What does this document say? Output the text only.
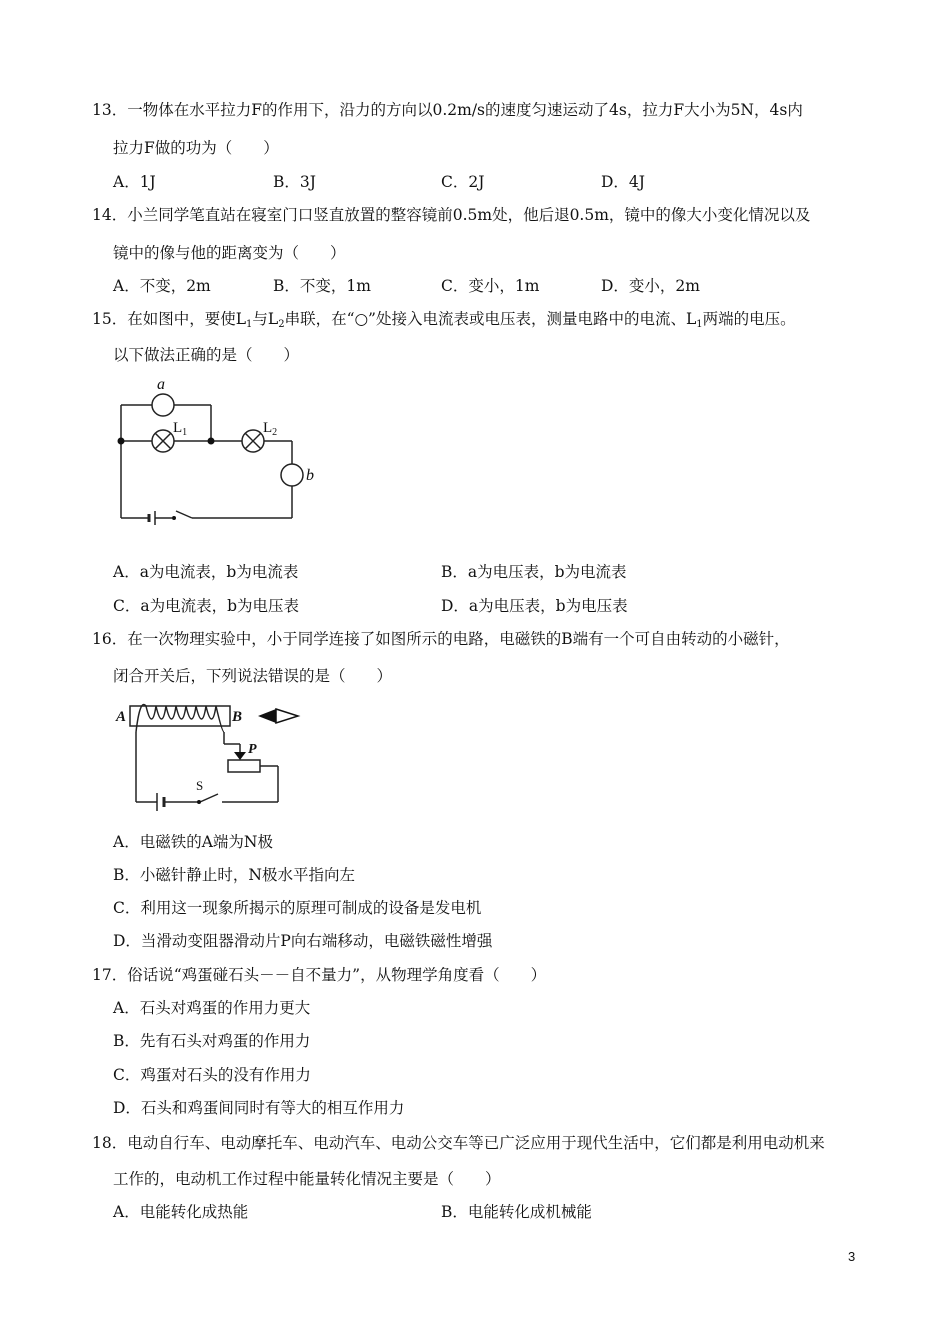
13．一物体在水平拉力F的作用下，沿力的方向以0.2m/s的速度匀速运动了4s，拉力F大小为5N，4s内
拉力F做的功为（　　）
A．1J	B．3J	C．2J	D．4J
14．小兰同学笔直站在寝室门口竖直放置的整容镜前0.5m处，他后退0.5m，镜中的像大小变化情况以及
镜中的像与他的距离变为（　　）
A．不变，2m	B．不变，1m	C．变小，1m	D．变小，2m
15．在如图中，要使L1与L2串联，在“○”处接入电流表或电压表，测量电路中的电流、L1两端的电压。
以下做法正确的是（　　）
a
$L_1$	$L_2$
b
A．a为电流表，b为电流表	B．a为电压表，b为电流表
C．a为电流表，b为电压表	D．a为电压表，b为电压表
16．在一次物理实验中，小于同学连接了如图所示的电路，电磁铁的B端有一个可自由转动的小磁针，
闭合开关后，下列说法错误的是（　　）
A	B
P
S
A．电磁铁的A端为N极
B．小磁针静止时，N极水平指向左
C．利用这一现象所揭示的原理可制成的设备是发电机
D．当滑动变阻器滑动片P向右端移动，电磁铁磁性增强
17．俗话说“鸡蛋碰石头－－自不量力”，从物理学角度看（　　）
A．石头对鸡蛋的作用力更大
B．先有石头对鸡蛋的作用力
C．鸡蛋对石头的没有作用力
D．石头和鸡蛋间同时有等大的相互作用力
18．电动自行车、电动摩托车、电动汽车、电动公交车等已广泛应用于现代生活中，它们都是利用电动机来
工作的，电动机工作过程中能量转化情况主要是（　　）
A．电能转化成热能	B．电能转化成机械能
3
